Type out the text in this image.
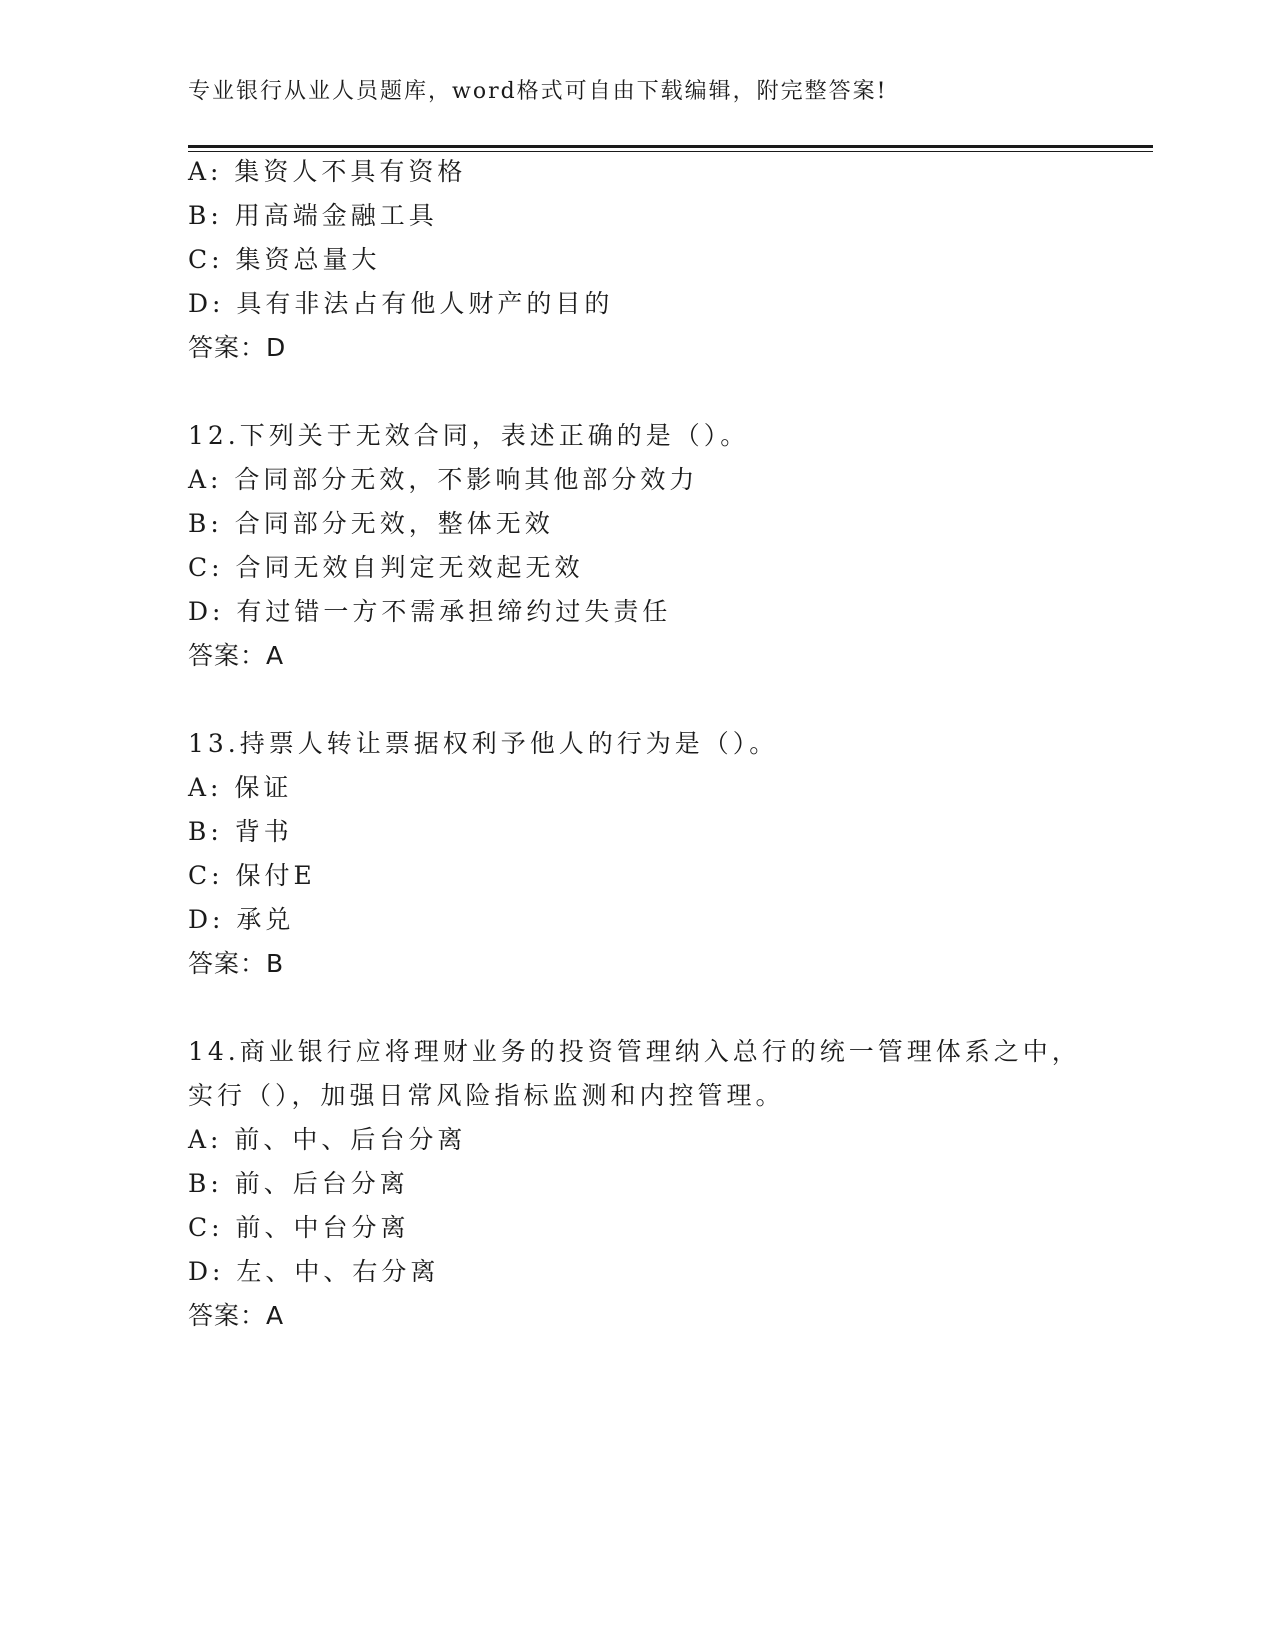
专业银行从业人员题库，word格式可自由下载编辑，附完整答案!
A: 集资人不具有资格
B: 用高端金融工具
C: 集资总量大
D: 具有非法占有他人财产的目的
答案：D
12.下列关于无效合同，表述正确的是（）。
A: 合同部分无效，不影响其他部分效力
B: 合同部分无效，整体无效
C: 合同无效自判定无效起无效
D: 有过错一方不需承担缔约过失责任
答案：A
13.持票人转让票据权利予他人的行为是（）。
A: 保证
B: 背书
C: 保付E
D: 承兑
答案：B
14.商业银行应将理财业务的投资管理纳入总行的统一管理体系之中，
实行（），加强日常风险指标监测和内控管理。
A: 前、中、后台分离
B: 前、后台分离
C: 前、中台分离
D: 左、中、右分离
答案：A
